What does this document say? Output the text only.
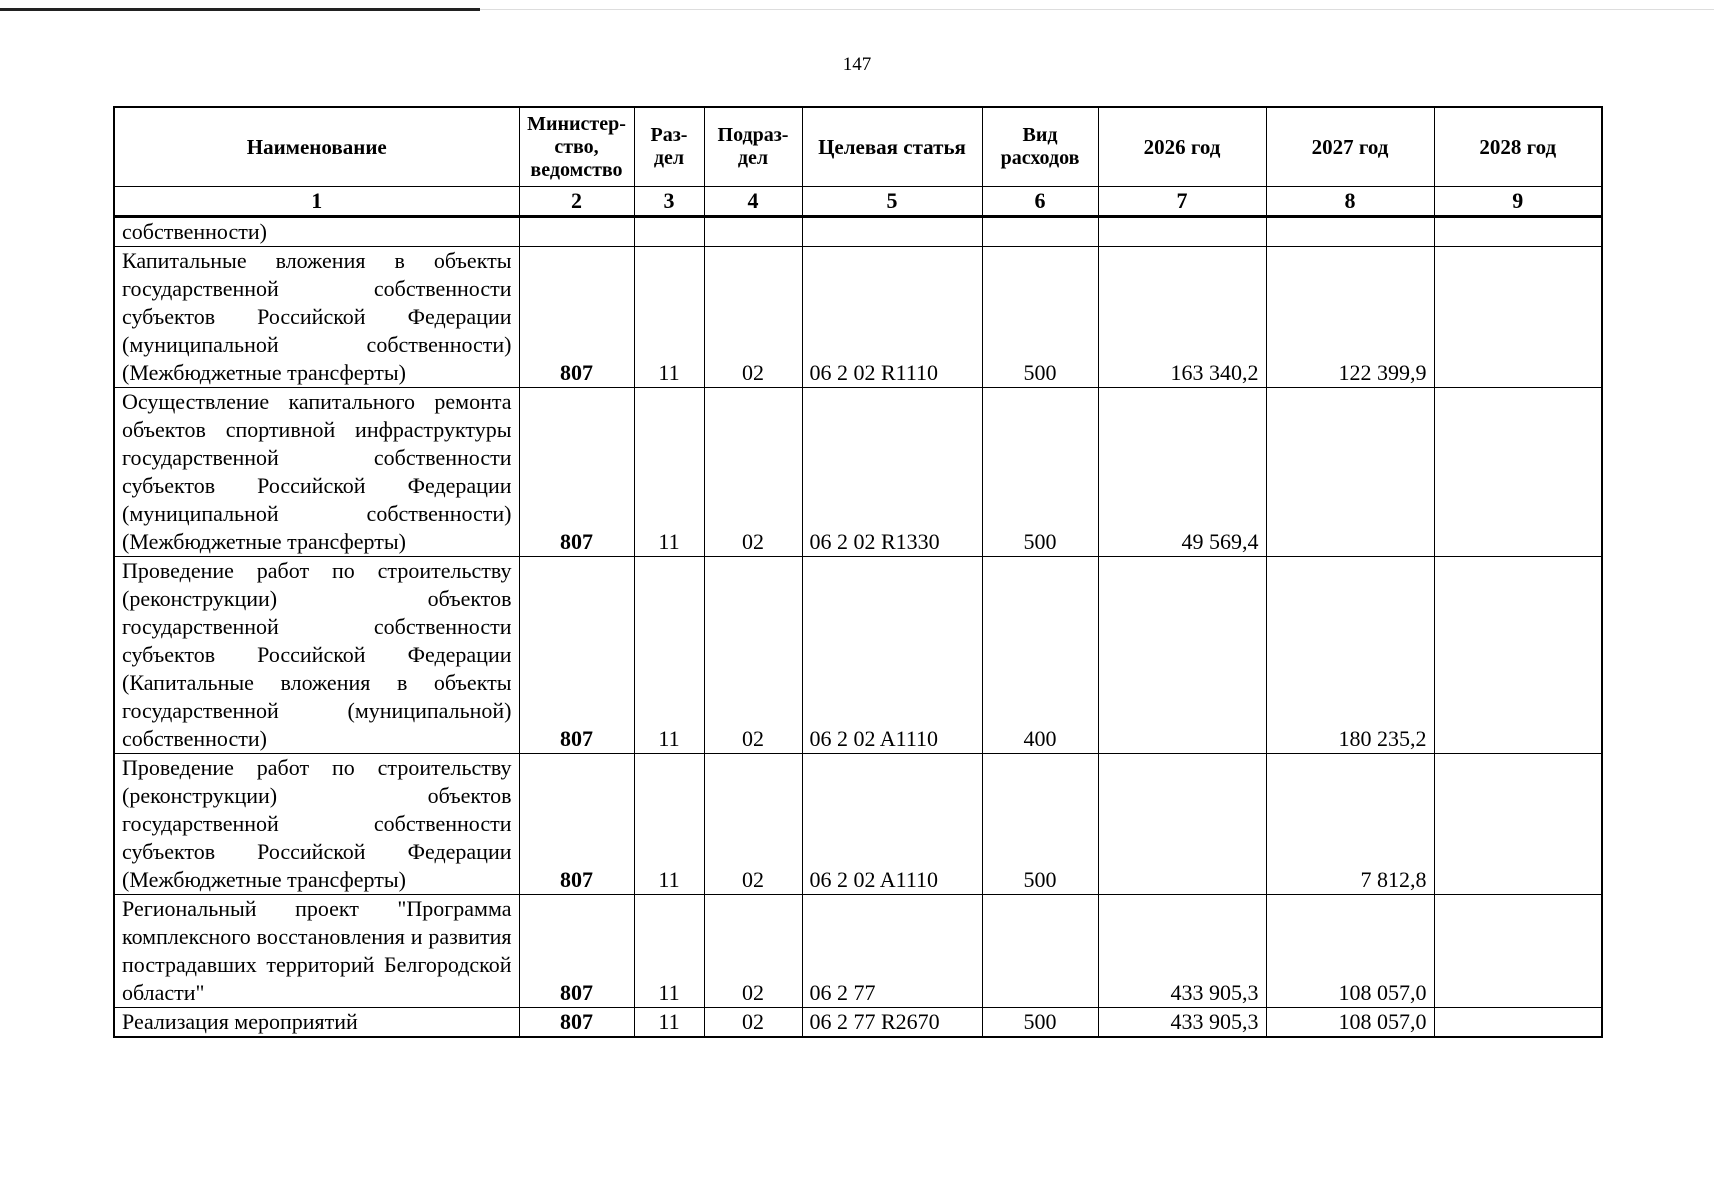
147
Наименование	Министер-ство, ведомство	Раз-дел	Подраз-дел	Целевая статья	Вид расходов	2026 год	2027 год	2028 год
1	2	3	4	5	6	7	8	9
собственности)								
Капитальные вложения в объекты государственной собственности субъектов Российской Федерации (муниципальной собственности) (Межбюджетные трансферты)	807	11	02	06 2 02 R1110	500	163 340,2	122 399,9	
Осуществление капитального ремонта объектов спортивной инфраструктуры государственной собственности субъектов Российской Федерации (муниципальной собственности) (Межбюджетные трансферты)	807	11	02	06 2 02 R1330	500	49 569,4		
Проведение работ по строительству (реконструкции) объектов государственной собственности субъектов Российской Федерации (Капитальные вложения в объекты государственной (муниципальной) собственности)	807	11	02	06 2 02 A1110	400		180 235,2	
Проведение работ по строительству (реконструкции) объектов государственной собственности субъектов Российской Федерации (Межбюджетные трансферты)	807	11	02	06 2 02 A1110	500		7 812,8	
Региональный проект "Программа комплексного восстановления и развития пострадавших территорий Белгородской области"	807	11	02	06 2 77		433 905,3	108 057,0	
Реализация мероприятий	807	11	02	06 2 77 R2670	500	433 905,3	108 057,0	
